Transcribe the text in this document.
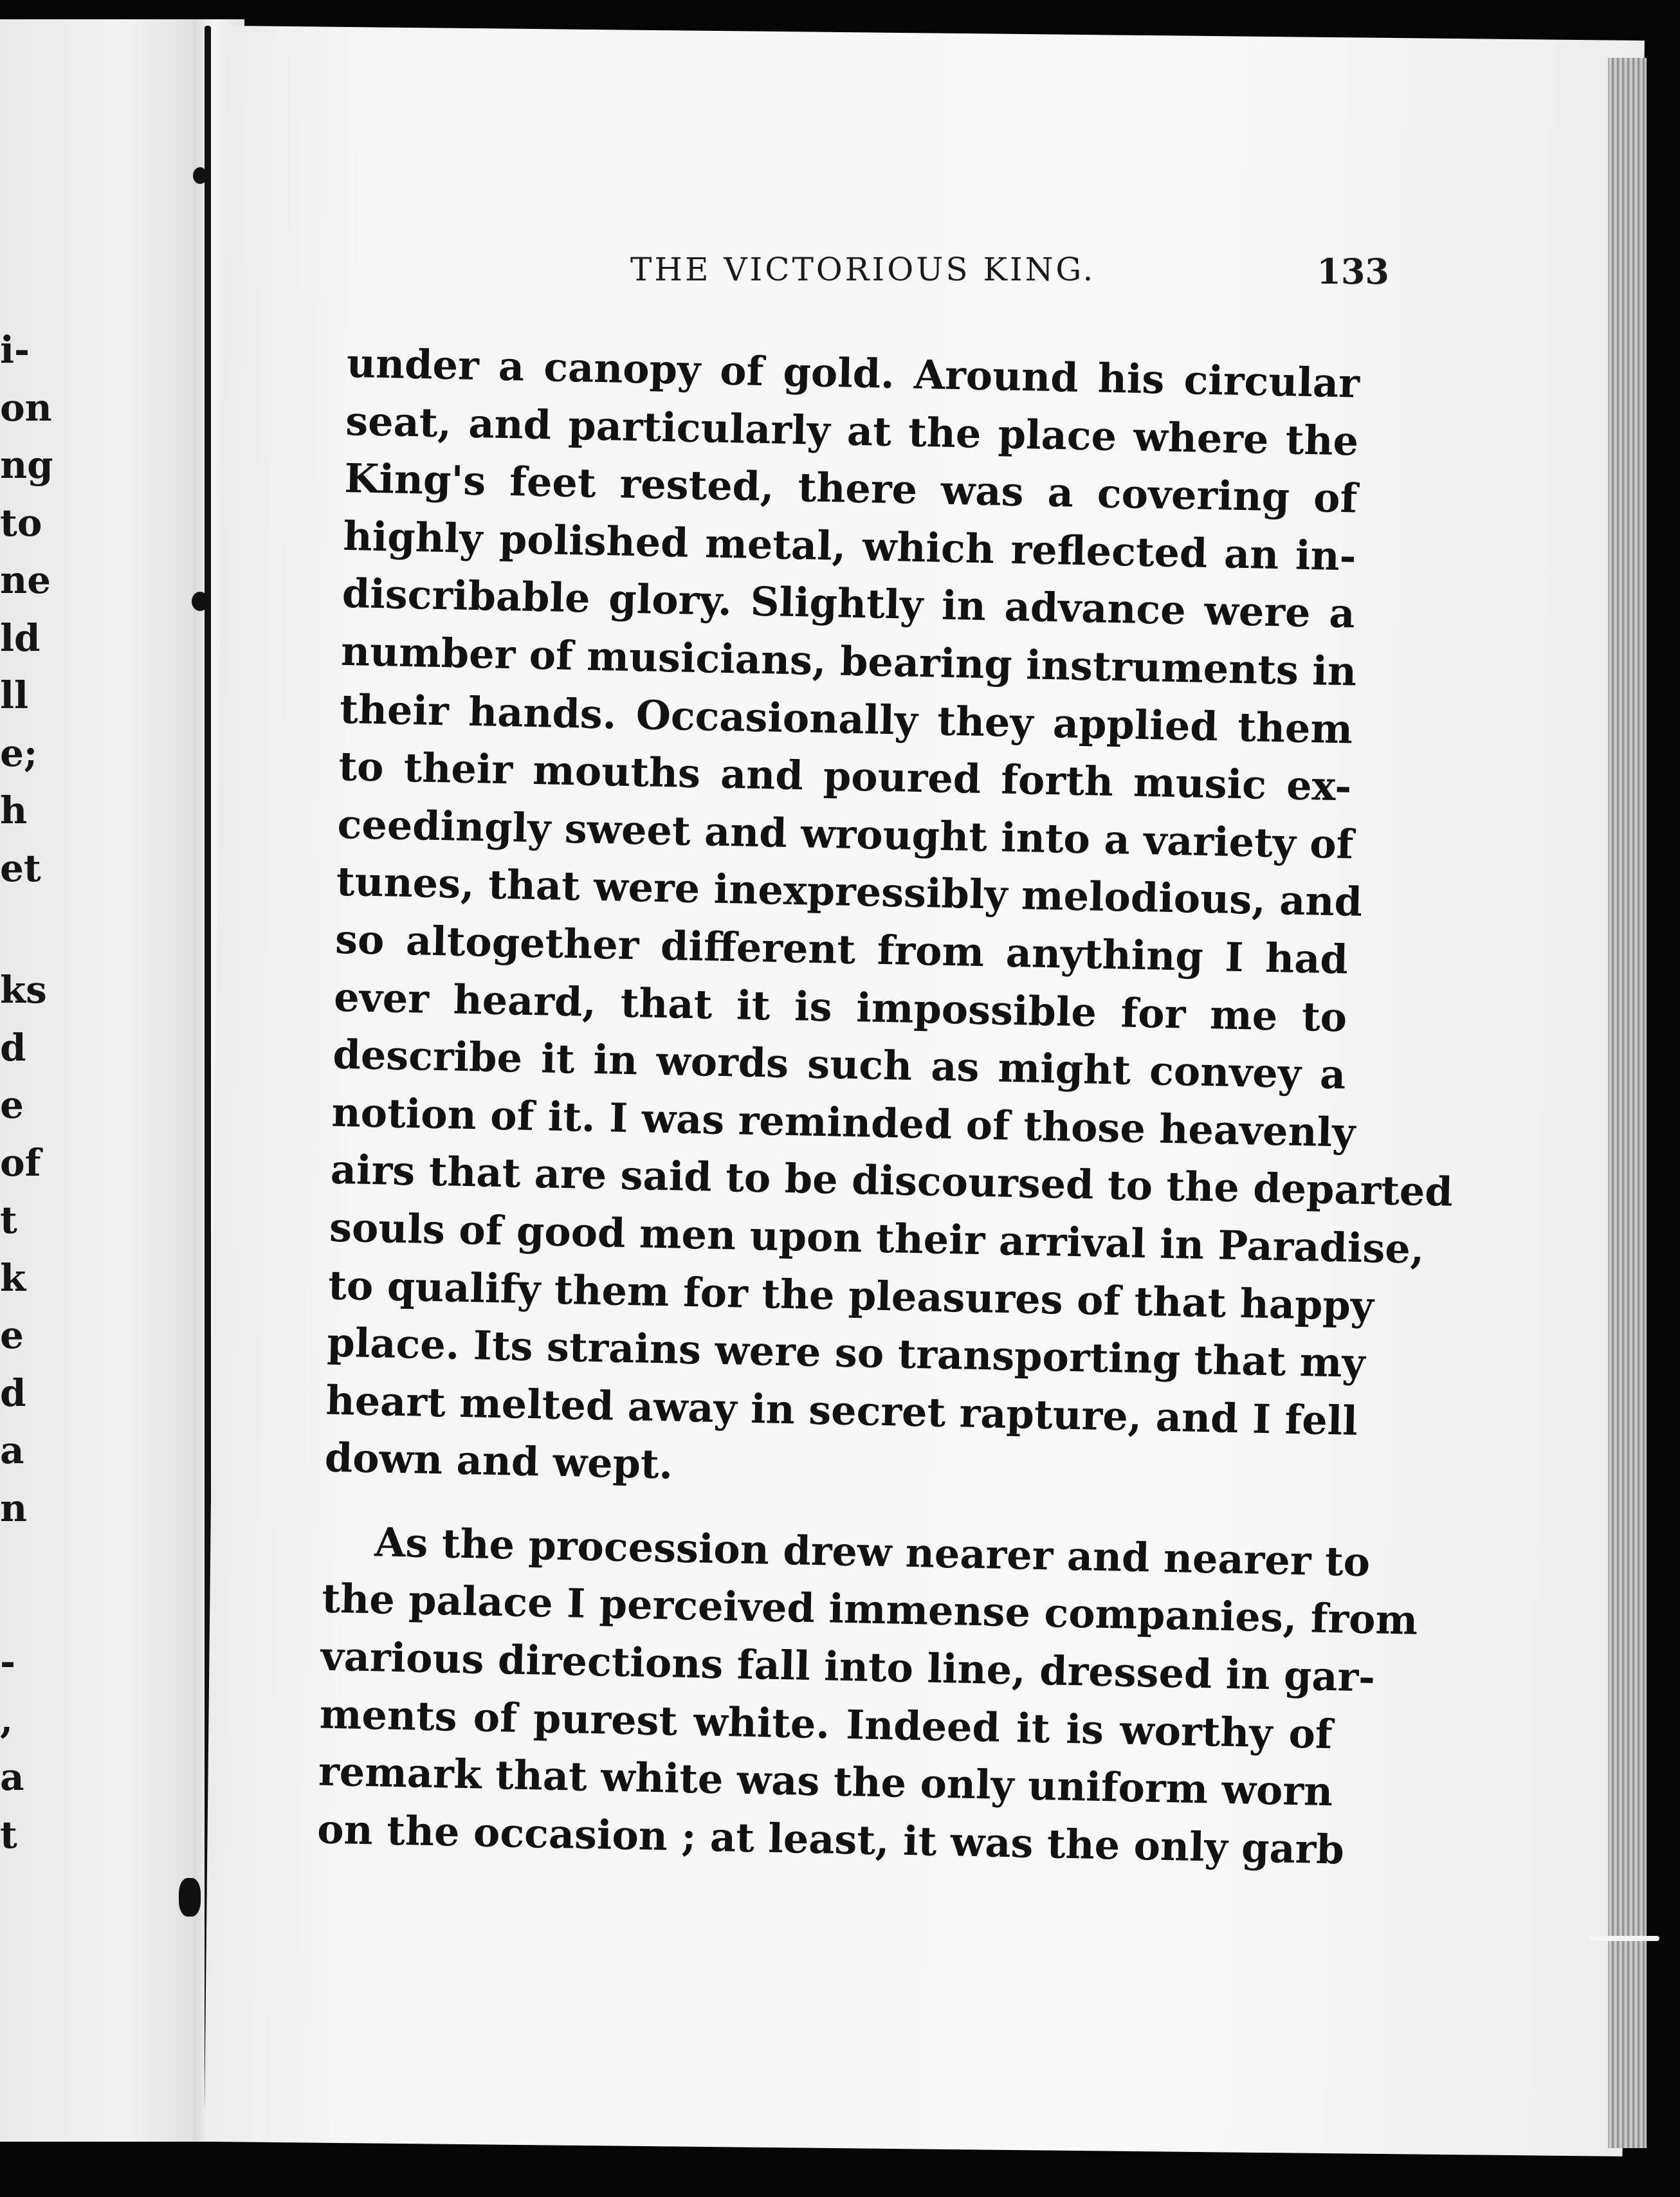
i-
on
ng
to
ne
ld
ll
e;
h
et
ks
d
e
of
t
k
e
d
a
n
-
,
a
t
THE VICTORIOUS KING.	133
under a canopy of gold. Around his circular
seat, and particularly at the place where the
King's feet rested, there was a covering of
highly polished metal, which reflected an in-
discribable glory. Slightly in advance were a
number of musicians, bearing instruments in
their hands. Occasionally they applied them
to their mouths and poured forth music ex-
ceedingly sweet and wrought into a variety of
tunes, that were inexpressibly melodious, and
so altogether different from anything I had
ever heard, that it is impossible for me to
describe it in words such as might convey a
notion of it. I was reminded of those heavenly
airs that are said to be discoursed to the departed
souls of good men upon their arrival in Paradise,
to qualify them for the pleasures of that happy
place. Its strains were so transporting that my
heart melted away in secret rapture, and I fell
down and wept.
As the procession drew nearer and nearer to
the palace I perceived immense companies, from
various directions fall into line, dressed in gar-
ments of purest white. Indeed it is worthy of
remark that white was the only uniform worn
on the occasion ; at least, it was the only garb
